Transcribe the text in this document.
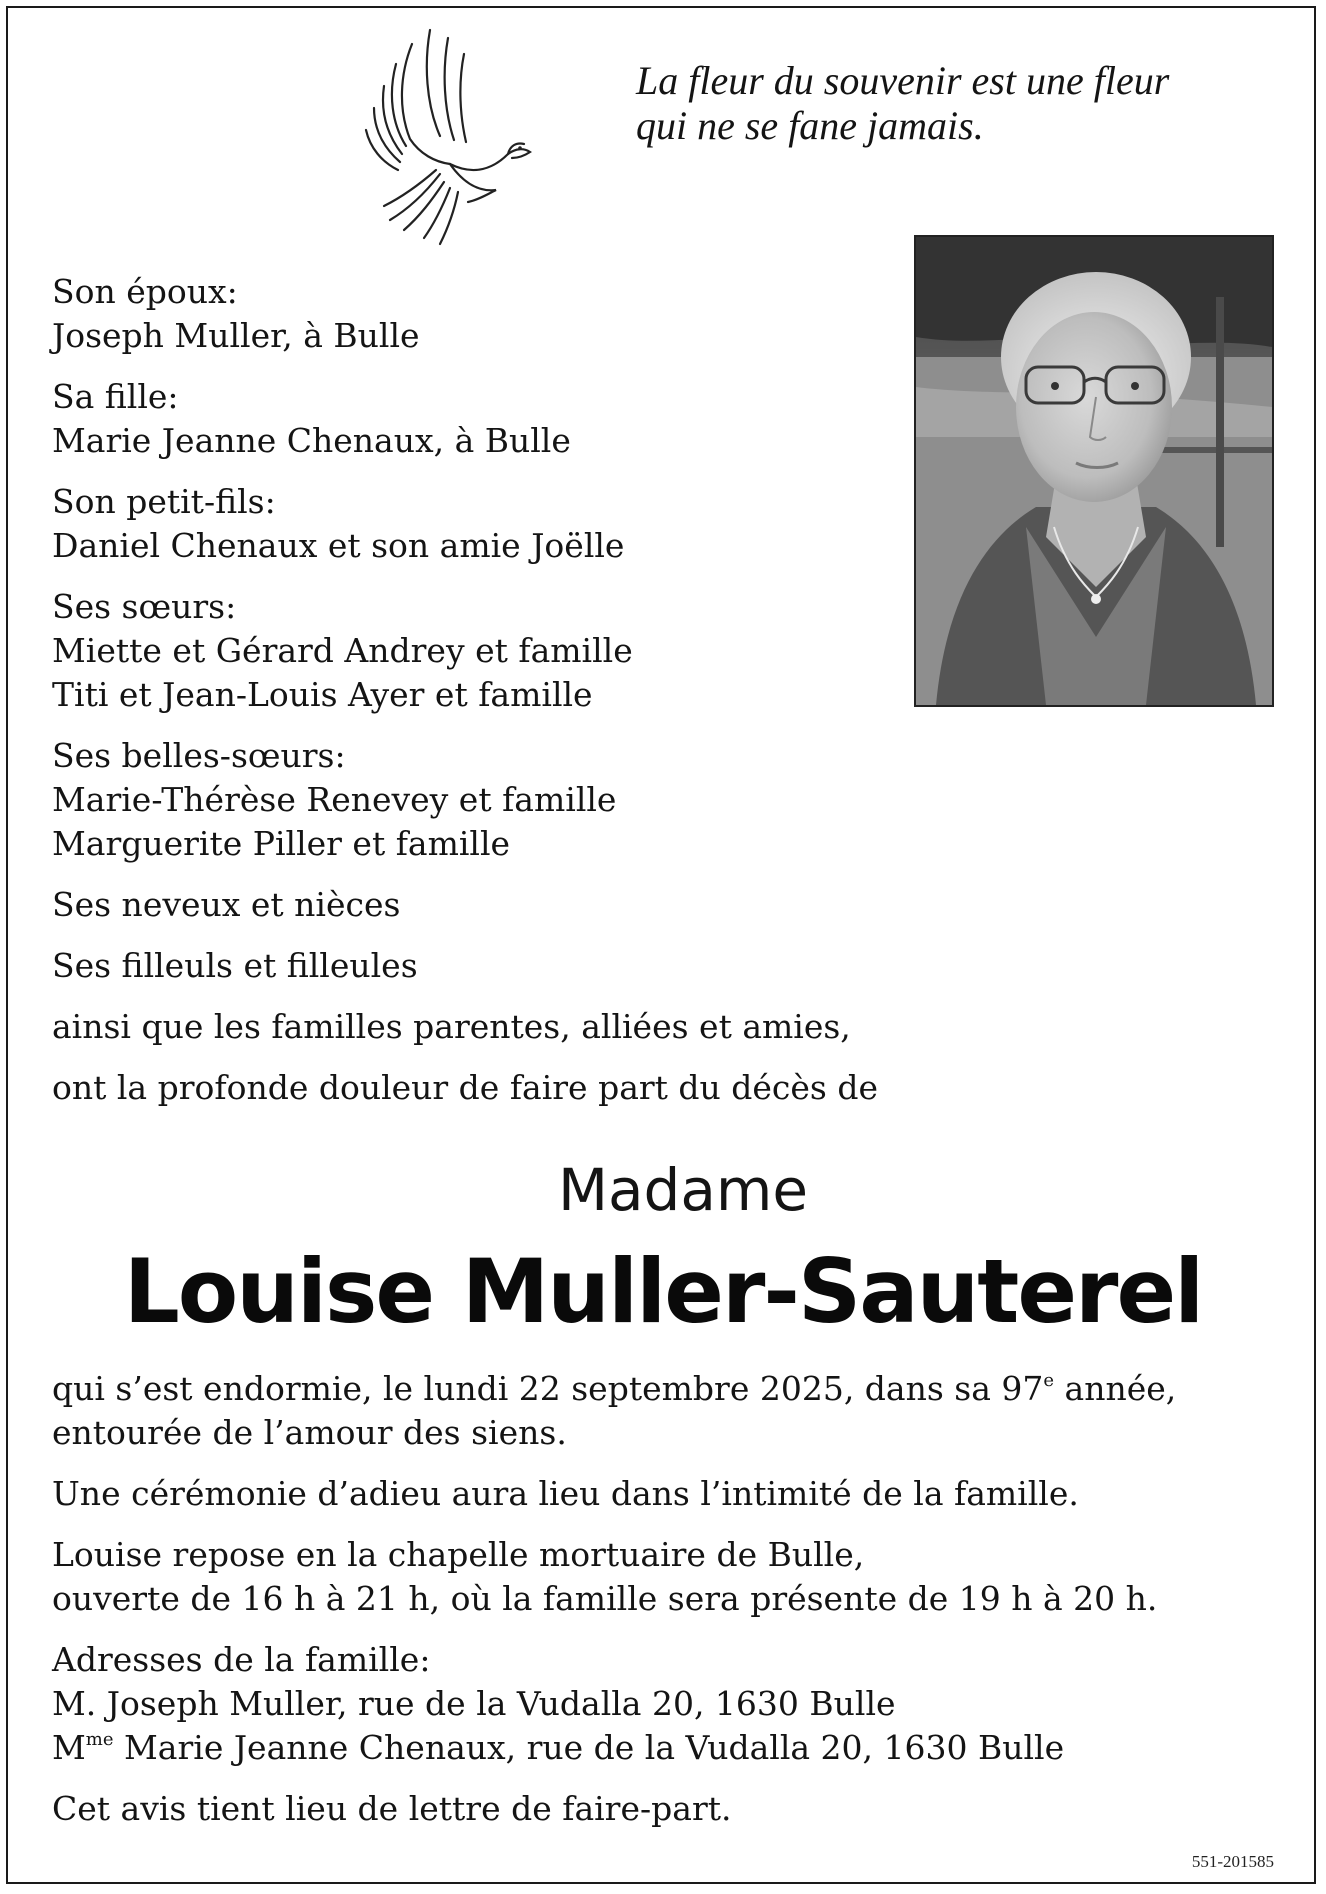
La fleur du souvenir est une fleur
qui ne se fane jamais.
Son époux:
Joseph Muller, à Bulle
Sa fille:
Marie Jeanne Chenaux, à Bulle
Son petit-fils:
Daniel Chenaux et son amie Joëlle
Ses sœurs:
Miette et Gérard Andrey et famille
Titi et Jean-Louis Ayer et famille
Ses belles-sœurs:
Marie-Thérèse Renevey et famille
Marguerite Piller et famille
Ses neveux et nièces
Ses filleuls et filleules
ainsi que les familles parentes, alliées et amies,
ont la profonde douleur de faire part du décès de
Madame
Louise Muller-Sauterel
qui s’est endormie, le lundi 22 septembre 2025, dans sa 97e année,
entourée de l’amour des siens.
Une cérémonie d’adieu aura lieu dans l’intimité de la famille.
Louise repose en la chapelle mortuaire de Bulle,
ouverte de 16 h à 21 h, où la famille sera présente de 19 h à 20 h.
Adresses de la famille:
M. Joseph Muller, rue de la Vudalla 20, 1630 Bulle
$M^{me}$ Marie Jeanne Chenaux, rue de la Vudalla 20, 1630 Bulle
Cet avis tient lieu de lettre de faire-part.
551-201585
